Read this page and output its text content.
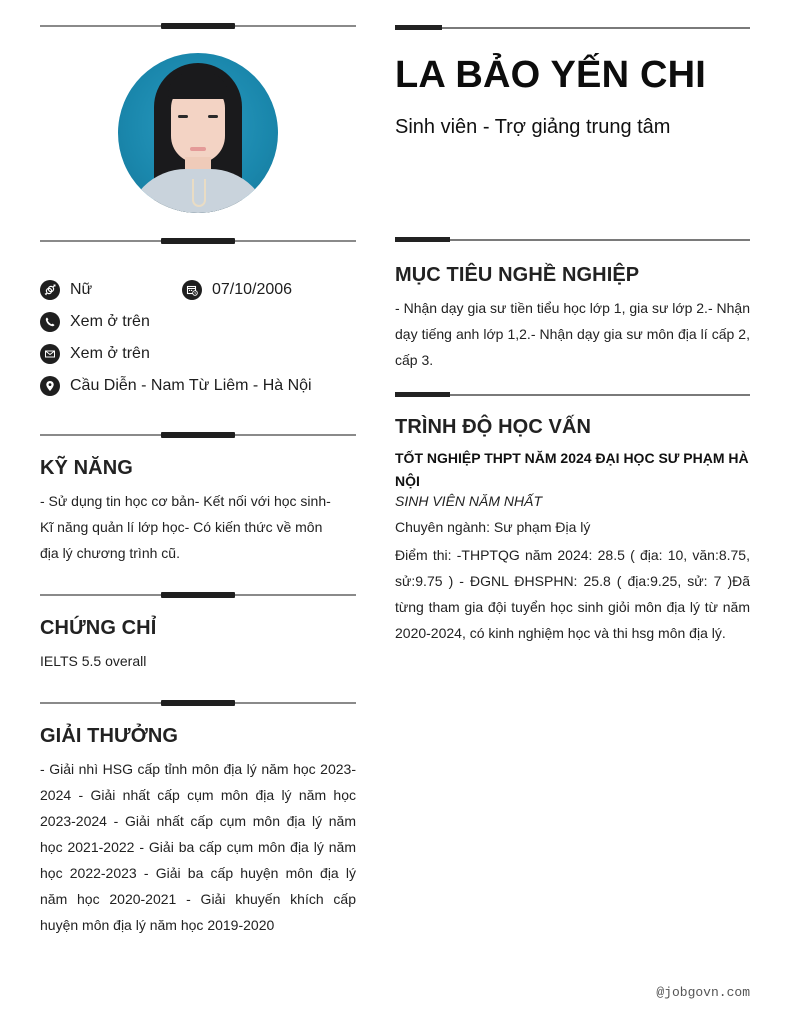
Nữ	07/10/2006
Xem ở trên
Xem ở trên
Cầu Diễn - Nam Từ Liêm - Hà Nội
KỸ NĂNG
- Sử dụng tin học cơ bản- Kết nối với học sinh- Kĩ năng quản lí lớp học- Có kiến thức về môn địa lý chương trình cũ.
CHỨNG CHỈ
IELTS 5.5 overall
GIẢI THƯỞNG
- Giải nhì HSG cấp tỉnh môn địa lý năm học 2023-2024 - Giải nhất cấp cụm môn địa lý năm học 2023-2024 - Giải nhất cấp cụm môn địa lý năm học 2021-2022 - Giải ba cấp cụm môn địa lý năm học 2022-2023 - Giải ba cấp huyện môn địa lý năm học 2020-2021 - Giải khuyến khích cấp huyện môn địa lý năm học 2019-2020
LA BẢO YẾN CHI
Sinh viên - Trợ giảng trung tâm
MỤC TIÊU NGHỀ NGHIỆP
- Nhận dạy gia sư tiền tiểu học lớp 1, gia sư lớp 2.- Nhận dạy tiếng anh lớp 1,2.- Nhận dạy gia sư môn địa lí cấp 2, cấp 3.
TRÌNH ĐỘ HỌC VẤN
TỐT NGHIỆP THPT NĂM 2024 ĐẠI HỌC SƯ PHẠM HÀ NỘI
SINH VIÊN NĂM NHẤT
Chuyên ngành: Sư phạm Địa lý
Điểm thi: -THPTQG năm 2024: 28.5 ( địa: 10, văn:8.75, sử:9.75 ) - ĐGNL ĐHSPHN: 25.8 ( địa:9.25, sử: 7 )Đã từng tham gia đội tuyển học sinh giỏi môn địa lý từ năm 2020-2024, có kinh nghiệm học và thi hsg môn địa lý.
@jobgovn.com
